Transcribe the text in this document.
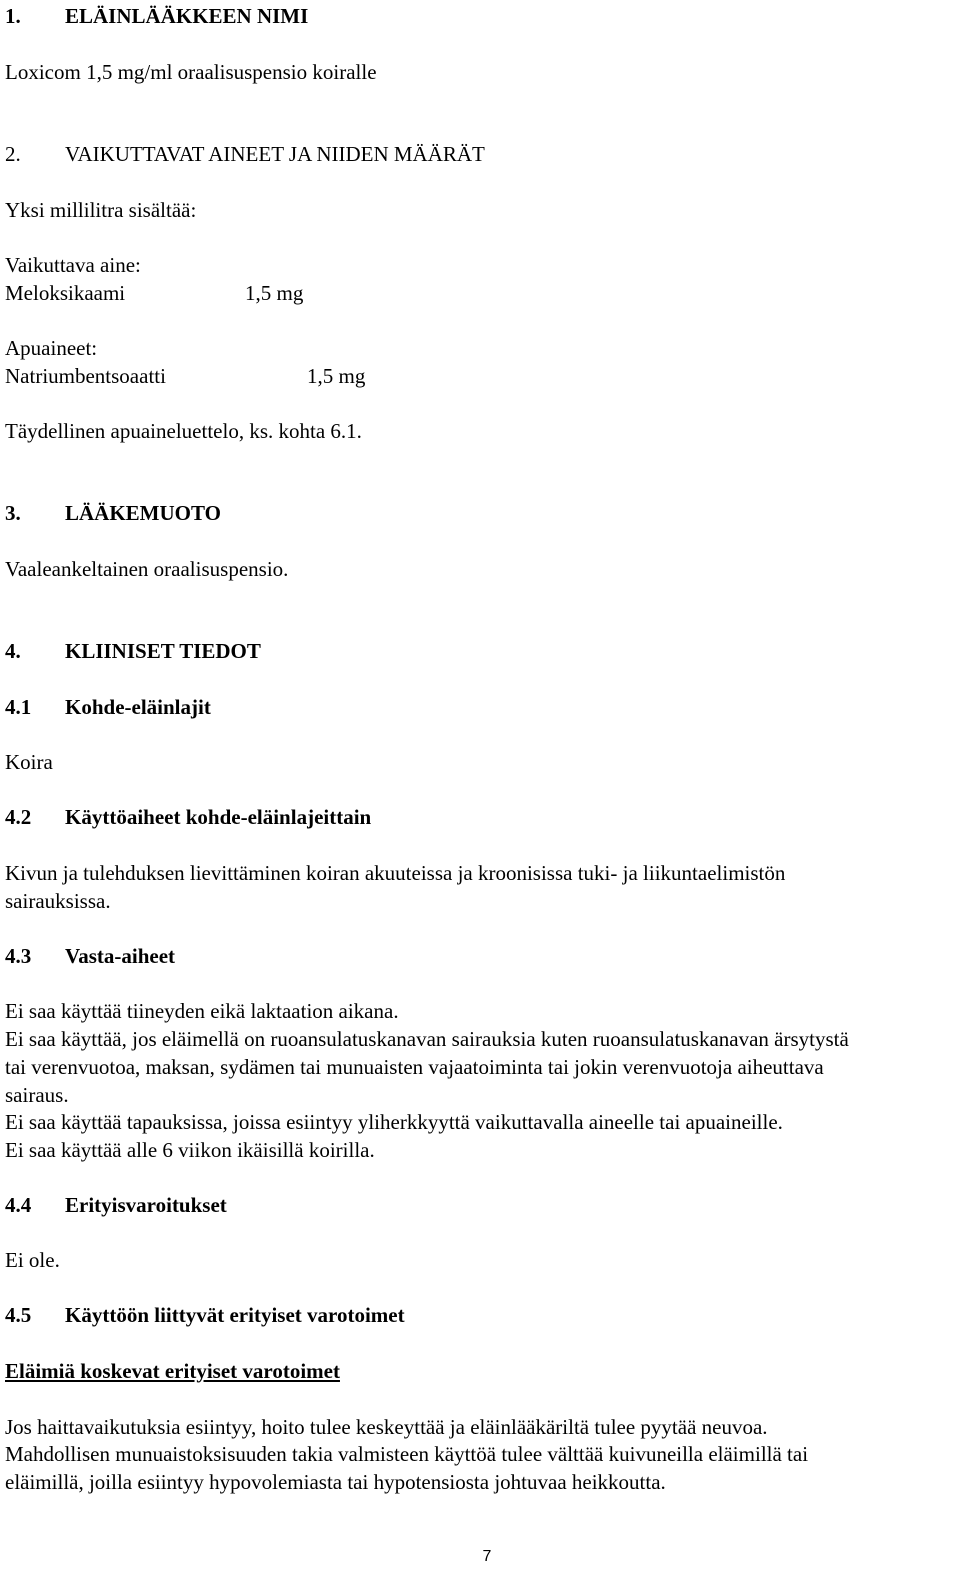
1. ELÄINLÄÄKKEEN NIMI
Loxicom 1,5 mg/ml oraalisuspensio koiralle
2. VAIKUTTAVAT AINEET JA NIIDEN MÄÄRÄT
Yksi millilitra sisältää:
Vaikuttava aine:
Meloksikaami	1,5 mg
Apuaineet:
Natriumbentsoaatti	1,5 mg
Täydellinen apuaineluettelo, ks. kohta 6.1.
3. LÄÄKEMUOTO
Vaaleankeltainen oraalisuspensio.
4. KLIINISET TIEDOT
4.1 Kohde-eläinlajit
Koira
4.2 Käyttöaiheet kohde-eläinlajeittain
Kivun ja tulehduksen lievittäminen koiran akuuteissa ja kroonisissa tuki- ja liikuntaelimistön
sairauksissa.
4.3 Vasta-aiheet
Ei saa käyttää tiineyden eikä laktaation aikana.
Ei saa käyttää, jos eläimellä on ruoansulatuskanavan sairauksia kuten ruoansulatuskanavan ärsytystä
tai verenvuotoa, maksan, sydämen tai munuaisten vajaatoiminta tai jokin verenvuotoja aiheuttava
sairaus.
Ei saa käyttää tapauksissa, joissa esiintyy yliherkkyyttä vaikuttavalla aineelle tai apuaineille.
Ei saa käyttää alle 6 viikon ikäisillä koirilla.
4.4 Erityisvaroitukset
Ei ole.
4.5 Käyttöön liittyvät erityiset varotoimet
Eläimiä koskevat erityiset varotoimet
Jos haittavaikutuksia esiintyy, hoito tulee keskeyttää ja eläinlääkäriltä tulee pyytää neuvoa.
Mahdollisen munuaistoksisuuden takia valmisteen käyttöä tulee välttää kuivuneilla eläimillä tai
eläimillä, joilla esiintyy hypovolemiasta tai hypotensiosta johtuvaa heikkoutta.
7
